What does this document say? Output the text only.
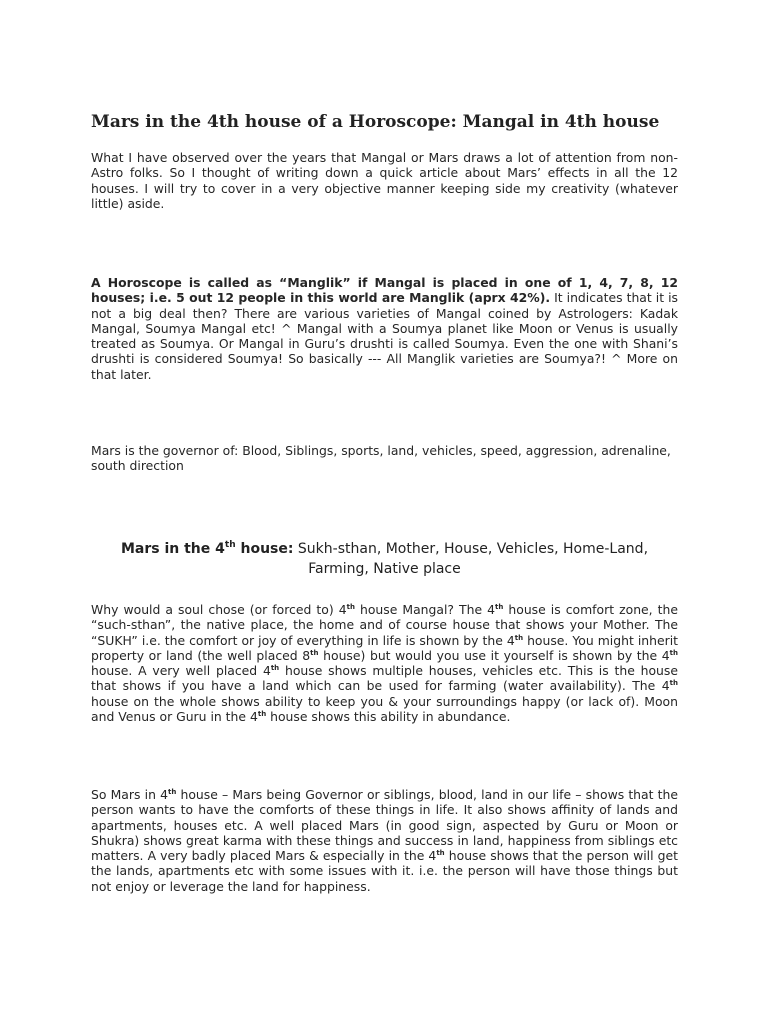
Mars in the 4th house of a Horoscope: Mangal in 4th house

What I have observed over the years that Mangal or Mars draws a lot of attention from non-Astro folks. So I thought of writing down a quick article about Mars’ effects in all the 12 houses. I will try to cover in a very objective manner keeping side my creativity (whatever little) aside.

A Horoscope is called as “Manglik” if Mangal is placed in one of 1, 4, 7, 8, 12 houses; i.e. 5 out 12 people in this world are Manglik (aprx 42%). It indicates that it is not a big deal then? There are various varieties of Mangal coined by Astrologers: Kadak Mangal, Soumya Mangal etc! ^ Mangal with a Soumya planet like Moon or Venus is usually treated as Soumya. Or Mangal in Guru’s drushti is called Soumya. Even the one with Shani’s drushti is considered Soumya! So basically --- All Manglik varieties are Soumya?! ^ More on that later.

Mars is the governor of: Blood, Siblings, sports, land, vehicles, speed, aggression, adrenaline, south direction

Mars in the 4th house: Sukh-sthan, Mother, House, Vehicles, Home-Land, Farming, Native place

Why would a soul chose (or forced to) 4th house Mangal? The 4th house is comfort zone, the “such-sthan”, the native place, the home and of course house that shows your Mother. The “SUKH” i.e. the comfort or joy of everything in life is shown by the 4th house. You might inherit property or land (the well placed 8th house) but would you use it yourself is shown by the 4th house. A very well placed 4th house shows multiple houses, vehicles etc. This is the house that shows if you have a land which can be used for farming (water availability). The 4th house on the whole shows ability to keep you & your surroundings happy (or lack of). Moon and Venus or Guru in the 4th house shows this ability in abundance.

So Mars in 4th house – Mars being Governor or siblings, blood, land in our life – shows that the person wants to have the comforts of these things in life. It also shows affinity of lands and apartments, houses etc. A well placed Mars (in good sign, aspected by Guru or Moon or Shukra) shows great karma with these things and success in land, happiness from siblings etc matters. A very badly placed Mars & especially in the 4th house shows that the person will get the lands, apartments etc with some issues with it. i.e. the person will have those things but not enjoy or leverage the land for happiness.
